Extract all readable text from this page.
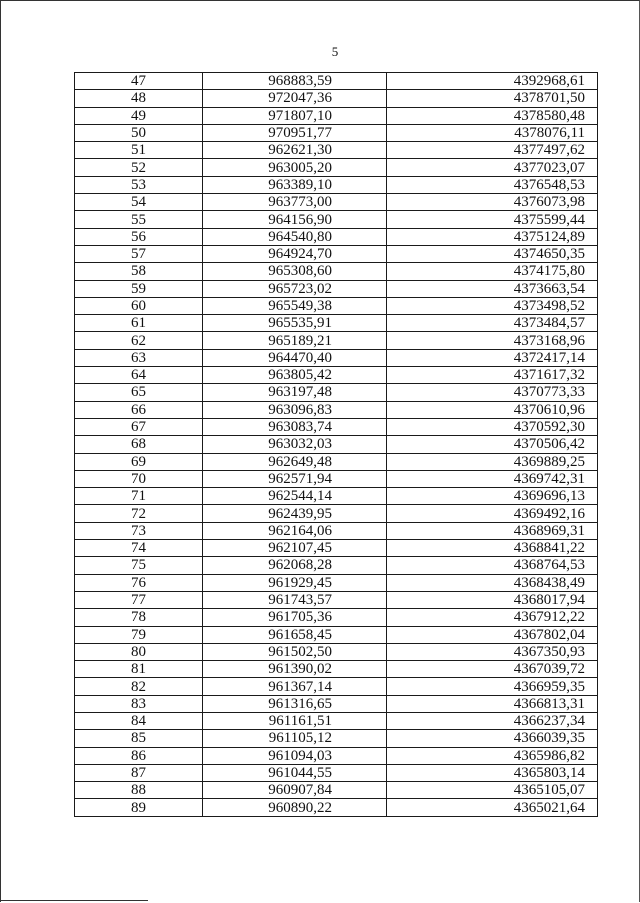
5
47	968883,59	4392968,61
48	972047,36	4378701,50
49	971807,10	4378580,48
50	970951,77	4378076,11
51	962621,30	4377497,62
52	963005,20	4377023,07
53	963389,10	4376548,53
54	963773,00	4376073,98
55	964156,90	4375599,44
56	964540,80	4375124,89
57	964924,70	4374650,35
58	965308,60	4374175,80
59	965723,02	4373663,54
60	965549,38	4373498,52
61	965535,91	4373484,57
62	965189,21	4373168,96
63	964470,40	4372417,14
64	963805,42	4371617,32
65	963197,48	4370773,33
66	963096,83	4370610,96
67	963083,74	4370592,30
68	963032,03	4370506,42
69	962649,48	4369889,25
70	962571,94	4369742,31
71	962544,14	4369696,13
72	962439,95	4369492,16
73	962164,06	4368969,31
74	962107,45	4368841,22
75	962068,28	4368764,53
76	961929,45	4368438,49
77	961743,57	4368017,94
78	961705,36	4367912,22
79	961658,45	4367802,04
80	961502,50	4367350,93
81	961390,02	4367039,72
82	961367,14	4366959,35
83	961316,65	4366813,31
84	961161,51	4366237,34
85	961105,12	4366039,35
86	961094,03	4365986,82
87	961044,55	4365803,14
88	960907,84	4365105,07
89	960890,22	4365021,64
